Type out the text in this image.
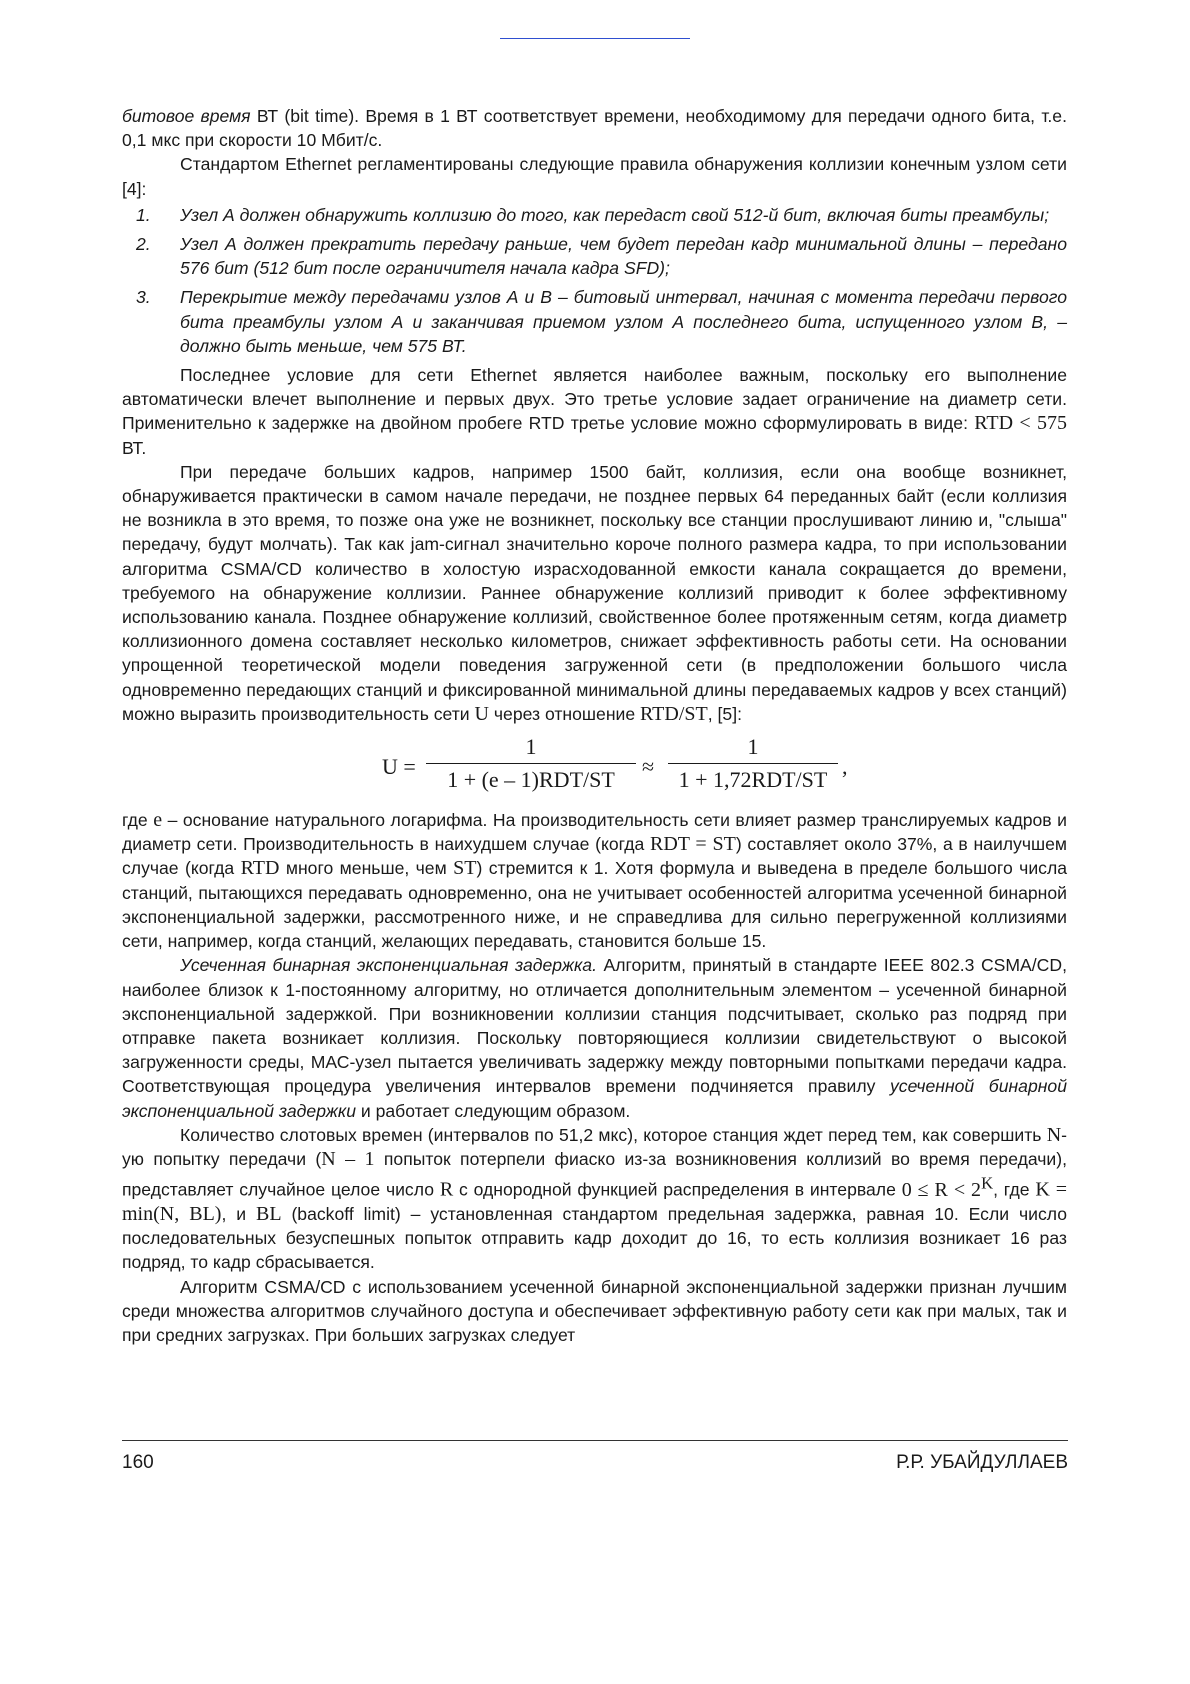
битовое время ВТ (bit time). Время в 1 ВТ соответствует времени, необходимому для передачи одного бита, т.е. 0,1 мкс при скорости 10 Мбит/с.

Стандартом Ethernet регламентированы следующие правила обнаружения коллизии конечным узлом сети [4]:

1.	Узел А должен обнаружить коллизию до того, как передаст свой 512-й бит, включая биты преамбулы;
2.	Узел А должен прекратить передачу раньше, чем будет передан кадр минимальной длины – передано 576 бит (512 бит после ограничителя начала кадра SFD);
3.	Перекрытие между передачами узлов А и В – битовый интервал, начиная с момента передачи первого бита преамбулы узлом А и заканчивая приемом узлом А последнего бита, испущенного узлом В, – должно быть меньше, чем 575 ВТ.

Последнее условие для сети Ethernet является наиболее важным, поскольку его выполнение автоматически влечет выполнение и первых двух. Это третье условие задает ограничение на диаметр сети. Применительно к задержке на двойном пробеге RTD третье условие можно сформулировать в виде: RTD < 575 ВТ.

При передаче больших кадров, например 1500 байт, коллизия, если она вообще возникнет, обнаруживается практически в самом начале передачи, не позднее первых 64 переданных байт (если коллизия не возникла в это время, то позже она уже не возникнет, поскольку все станции прослушивают линию и, "слыша" передачу, будут молчать). Так как jam-сигнал значительно короче полного размера кадра, то при использовании алгоритма CSMA/CD количество в холостую израсходованной емкости канала сокращается до времени, требуемого на обнаружение коллизии. Раннее обнаружение коллизий приводит к более эффективному использованию канала. Позднее обнаружение коллизий, свойственное более протяженным сетям, когда диаметр коллизионного домена составляет несколько километров, снижает эффективность работы сети. На основании упрощенной теоретической модели поведения загруженной сети (в предположении большого числа одновременно передающих станций и фиксированной минимальной длины передаваемых кадров у всех станций) можно выразить производительность сети U через отношение RTD/ST, [5]:

U =
1
1 + (e – 1)RDT/ST
≈
1
1 + 1,72RDT/ST
,

где e – основание натурального логарифма. На производительность сети влияет размер транслируемых кадров и диаметр сети. Производительность в наихудшем случае (когда RDT = ST) составляет около 37%, а в наилучшем случае (когда RTD много меньше, чем ST) стремится к 1. Хотя формула и выведена в пределе большого числа станций, пытающихся передавать одновременно, она не учитывает особенностей алгоритма усеченной бинарной экспоненциальной задержки, рассмотренного ниже, и не справедлива для сильно перегруженной коллизиями сети, например, когда станций, желающих передавать, становится больше 15.

Усеченная бинарная экспоненциальная задержка. Алгоритм, принятый в стандарте IEEE 802.3 CSMA/CD, наиболее близок к 1-постоянному алгоритму, но отличается дополнительным элементом – усеченной бинарной экспоненциальной задержкой. При возникновении коллизии станция подсчитывает, сколько раз подряд при отправке пакета возникает коллизия. Поскольку повторяющиеся коллизии свидетельствуют о высокой загруженности среды, МАС-узел пытается увеличивать задержку между повторными попытками передачи кадра. Соответствующая процедура увеличения интервалов времени подчиняется правилу усеченной бинарной экспоненциальной задержки и работает следующим образом.

Количество слотовых времен (интервалов по 51,2 мкс), которое станция ждет перед тем, как совершить N-ую попытку передачи (N – 1 попыток потерпели фиаско из-за возникновения коллизий во время передачи), представляет случайное целое число R с однородной функцией распределения в интервале $0 \le R < 2^K$, где K = min(N, BL), и BL (backoff limit) – установленная стандартом предельная задержка, равная 10. Если число последовательных безуспешных попыток отправить кадр доходит до 16, то есть коллизия возникает 16 раз подряд, то кадр сбрасывается.

Алгоритм CSMA/CD с использованием усеченной бинарной экспоненциальной задержки признан лучшим среди множества алгоритмов случайного доступа и обеспечивает эффективную работу сети как при малых, так и при средних загрузках. При больших загрузках следует

160	Р.Р. УБАЙДУЛЛАЕВ
